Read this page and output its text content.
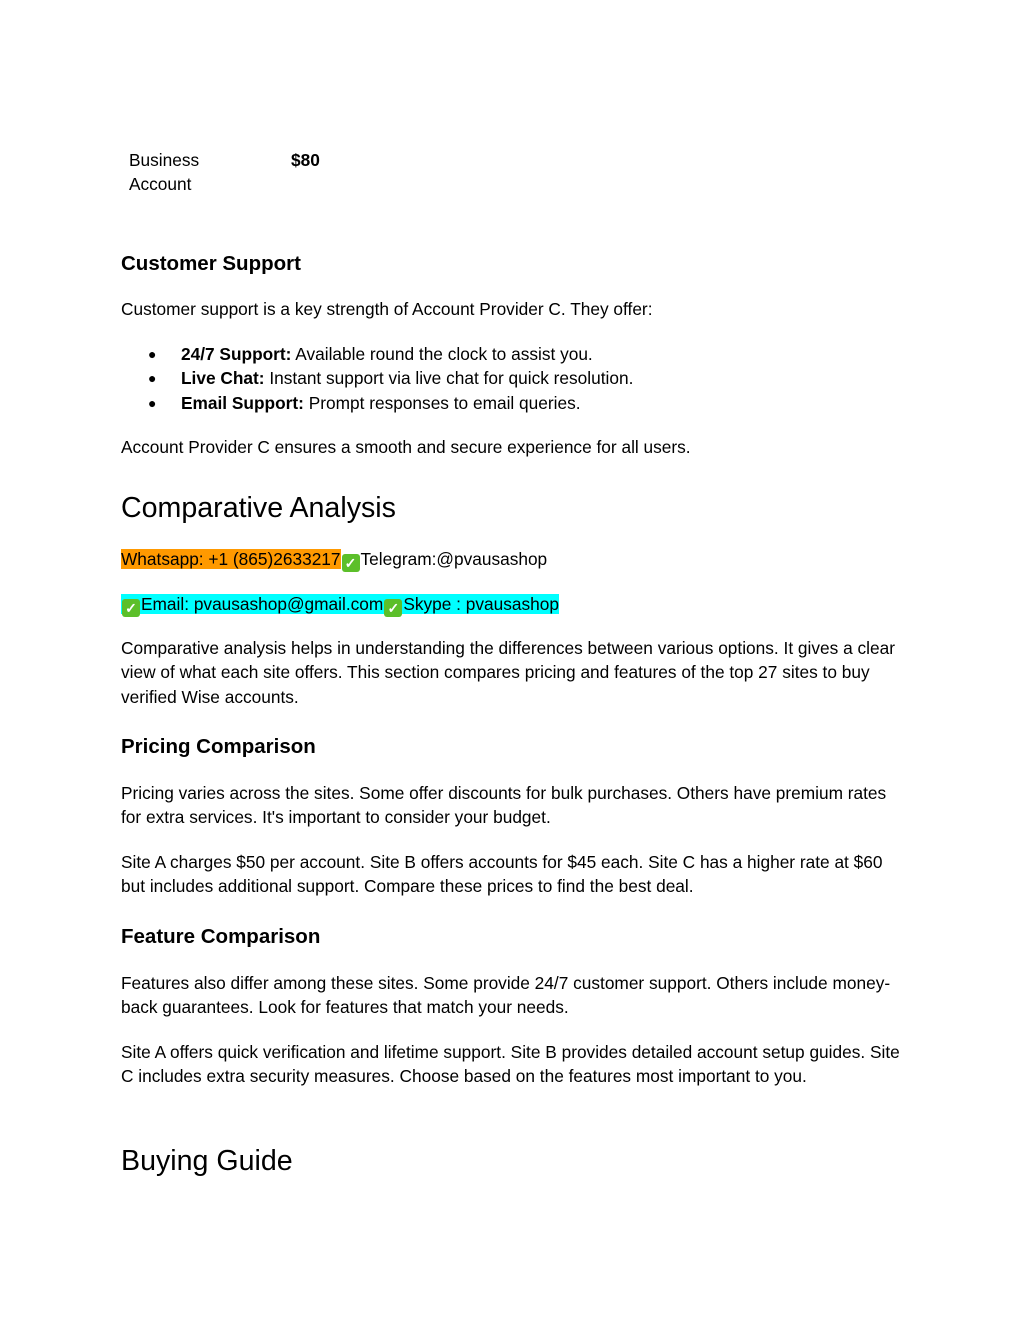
Business
Account
$80
Customer Support

Customer support is a key strength of Account Provider C. They offer:

● 24/7 Support: Available round the clock to assist you.
● Live Chat: Instant support via live chat for quick resolution.
● Email Support: Prompt responses to email queries.

Account Provider C ensures a smooth and secure experience for all users.

Comparative Analysis

Whatsapp: +1 (865)2633217 ✓ Telegram:@pvausashop

✓ Email: pvausashop@gmail.com ✓ Skype : pvausashop

Comparative analysis helps in understanding the differences between various options. It gives a clear view of what each site offers. This section compares pricing and features of the top 27 sites to buy verified Wise accounts.

Pricing Comparison

Pricing varies across the sites. Some offer discounts for bulk purchases. Others have premium rates for extra services. It's important to consider your budget.

Site A charges $50 per account. Site B offers accounts for $45 each. Site C has a higher rate at $60 but includes additional support. Compare these prices to find the best deal.

Feature Comparison

Features also differ among these sites. Some provide 24/7 customer support. Others include money-back guarantees. Look for features that match your needs.

Site A offers quick verification and lifetime support. Site B provides detailed account setup guides. Site C includes extra security measures. Choose based on the features most important to you.

Buying Guide
